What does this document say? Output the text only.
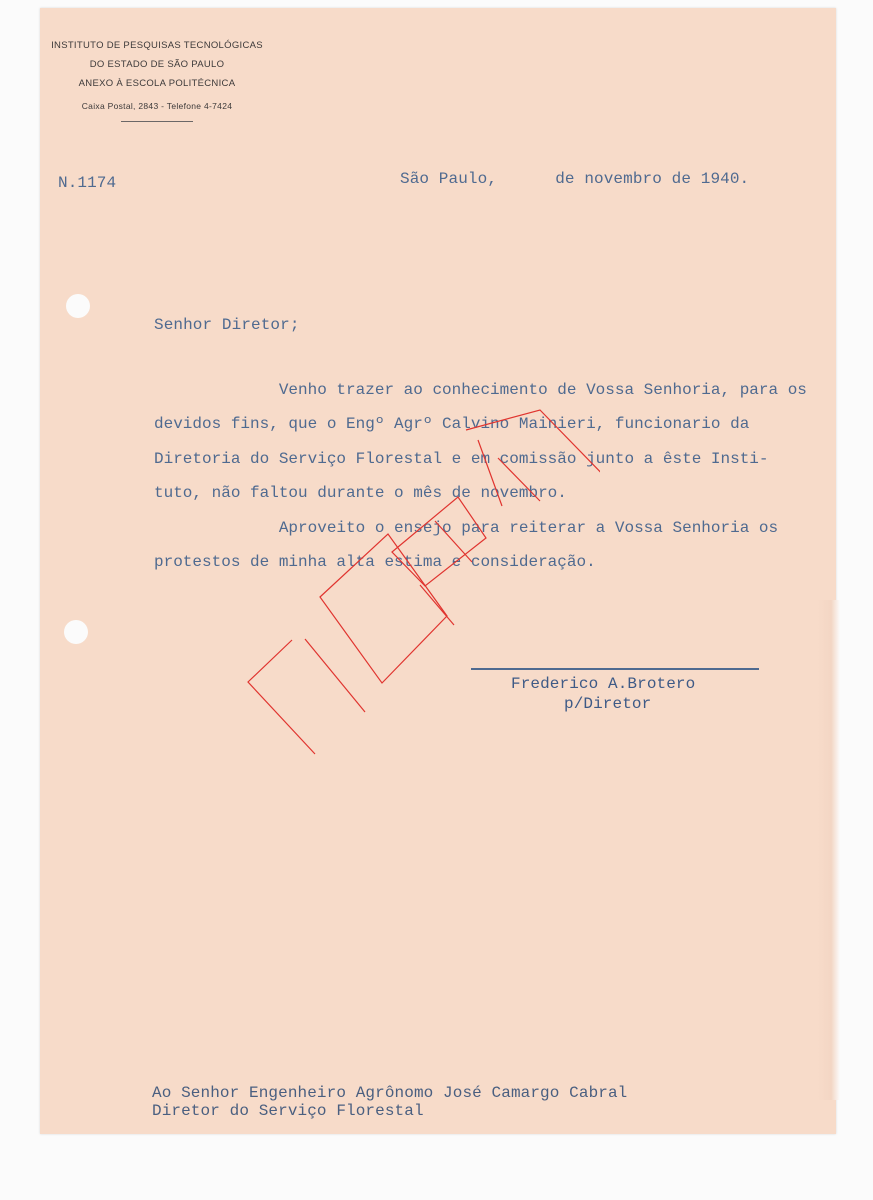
INSTITUTO DE PESQUISAS TECNOLÓGICAS
DO ESTADO DE SÃO PAULO
ANEXO À ESCOLA POLITÉCNICA
Caixa Postal, 2843 - Telefone 4-7424
N.1174	São Paulo,      de novembro de 1940.
Senhor Diretor;
Venho trazer ao conhecimento de Vossa Senhoria, para os
devidos fins, que o Engº Agrº Calvino Mainieri, funcionario da
Diretoria do Serviço Florestal e em comissão junto a êste Insti-
tuto, não faltou durante o mês de novembro.
Aproveito o ensejo para reiterar a Vossa Senhoria os
protestos de minha alta estima e consideração.
Frederico A.Brotero
p/Diretor
Ao Senhor Engenheiro Agrônomo José Camargo Cabral
Diretor do Serviço Florestal
